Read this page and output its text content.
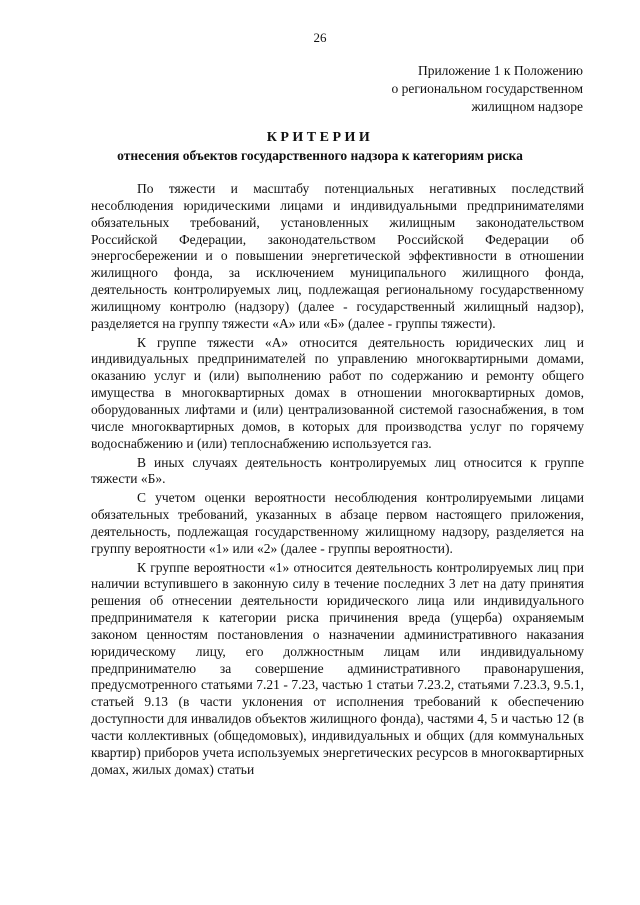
26
Приложение 1 к Положению
о региональном государственном
жилищном надзоре
КРИТЕРИИ
отнесения объектов государственного надзора к категориям риска

По тяжести и масштабу потенциальных негативных последствий несоблюдения юридическими лицами и индивидуальными предпринимателями обязательных требований, установленных жилищным законодательством Российской Федерации, законодательством Российской Федерации об энергосбережении и о повышении энергетической эффективности в отношении жилищного фонда, за исключением муниципального жилищного фонда, деятельность контролируемых лиц, подлежащая региональному государственному жилищному контролю (надзору) (далее - государственный жилищный надзор), разделяется на группу тяжести «А» или «Б» (далее - группы тяжести).

К группе тяжести «А» относится деятельность юридических лиц и индивидуальных предпринимателей по управлению многоквартирными домами, оказанию услуг и (или) выполнению работ по содержанию и ремонту общего имущества в многоквартирных домах в отношении многоквартирных домов, оборудованных лифтами и (или) централизованной системой газоснабжения, в том числе многоквартирных домов, в которых для производства услуг по горячему водоснабжению и (или) теплоснабжению используется газ.

В иных случаях деятельность контролируемых лиц относится к группе тяжести «Б».

С учетом оценки вероятности несоблюдения контролируемыми лицами обязательных требований, указанных в абзаце первом настоящего приложения, деятельность, подлежащая государственному жилищному надзору, разделяется на группу вероятности «1» или «2» (далее - группы вероятности).

К группе вероятности «1» относится деятельность контролируемых лиц при наличии вступившего в законную силу в течение последних 3 лет на дату принятия решения об отнесении деятельности юридического лица или индивидуального предпринимателя к категории риска причинения вреда (ущерба) охраняемым законом ценностям постановления о назначении административного наказания юридическому лицу, его должностным лицам или индивидуальному предпринимателю за совершение административного правонарушения, предусмотренного статьями 7.21 - 7.23, частью 1 статьи 7.23.2, статьями 7.23.3, 9.5.1, статьей 9.13 (в части уклонения от исполнения требований к обеспечению доступности для инвалидов объектов жилищного фонда), частями 4, 5 и частью 12 (в части коллективных (общедомовых), индивидуальных и общих (для коммунальных квартир) приборов учета используемых энергетических ресурсов в многоквартирных домах, жилых домах) статьи
